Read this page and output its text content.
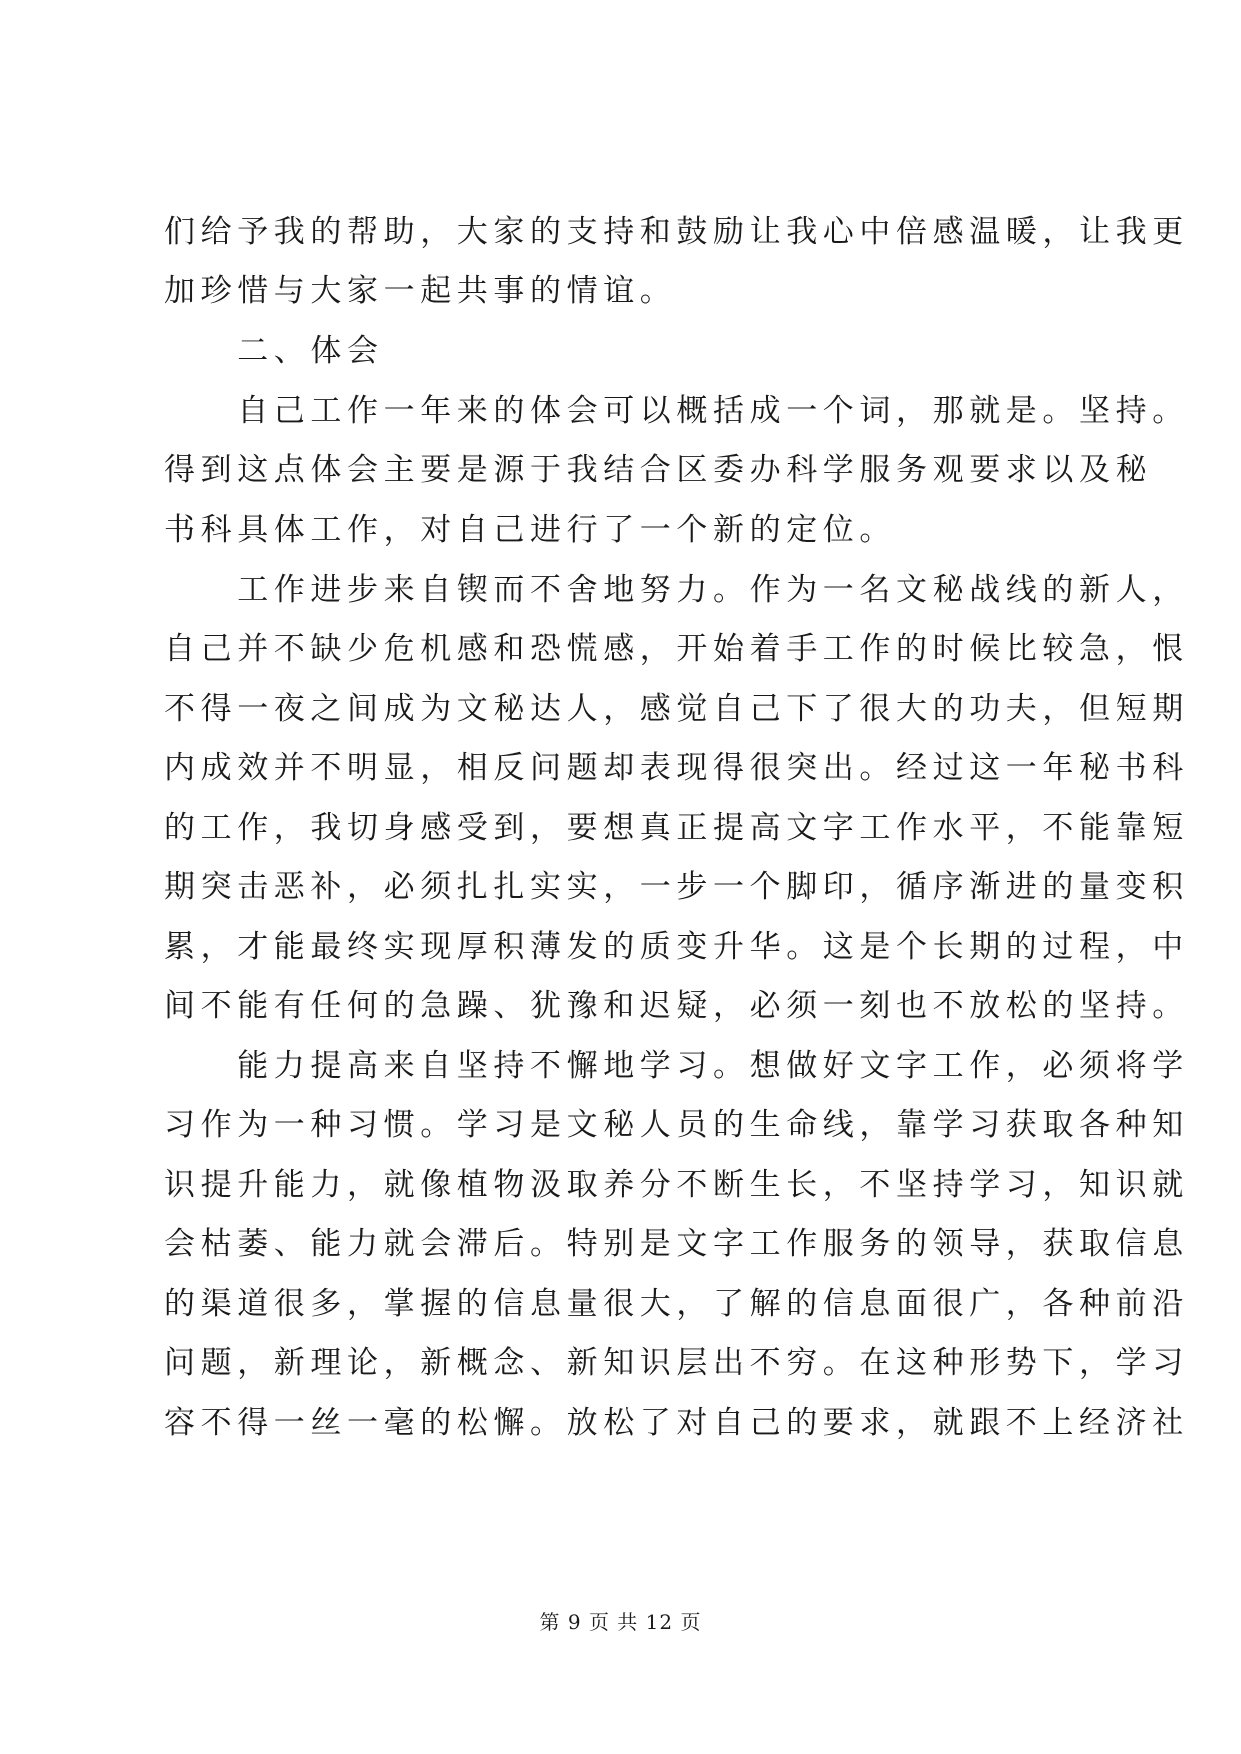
们给予我的帮助，大家的支持和鼓励让我心中倍感温暖，让我更
加珍惜与大家一起共事的情谊。
　　二、体会
　　自己工作一年来的体会可以概括成一个词，那就是。坚持。
得到这点体会主要是源于我结合区委办科学服务观要求以及秘
书科具体工作，对自己进行了一个新的定位。
　　工作进步来自锲而不舍地努力。作为一名文秘战线的新人，
自己并不缺少危机感和恐慌感，开始着手工作的时候比较急，恨
不得一夜之间成为文秘达人，感觉自己下了很大的功夫，但短期
内成效并不明显，相反问题却表现得很突出。经过这一年秘书科
的工作，我切身感受到，要想真正提高文字工作水平，不能靠短
期突击恶补，必须扎扎实实，一步一个脚印，循序渐进的量变积
累，才能最终实现厚积薄发的质变升华。这是个长期的过程，中
间不能有任何的急躁、犹豫和迟疑，必须一刻也不放松的坚持。
　　能力提高来自坚持不懈地学习。想做好文字工作，必须将学
习作为一种习惯。学习是文秘人员的生命线，靠学习获取各种知
识提升能力，就像植物汲取养分不断生长，不坚持学习，知识就
会枯萎、能力就会滞后。特别是文字工作服务的领导，获取信息
的渠道很多，掌握的信息量很大，了解的信息面很广，各种前沿
问题，新理论，新概念、新知识层出不穷。在这种形势下，学习
容不得一丝一毫的松懈。放松了对自己的要求，就跟不上经济社
第 9 页 共 12 页
